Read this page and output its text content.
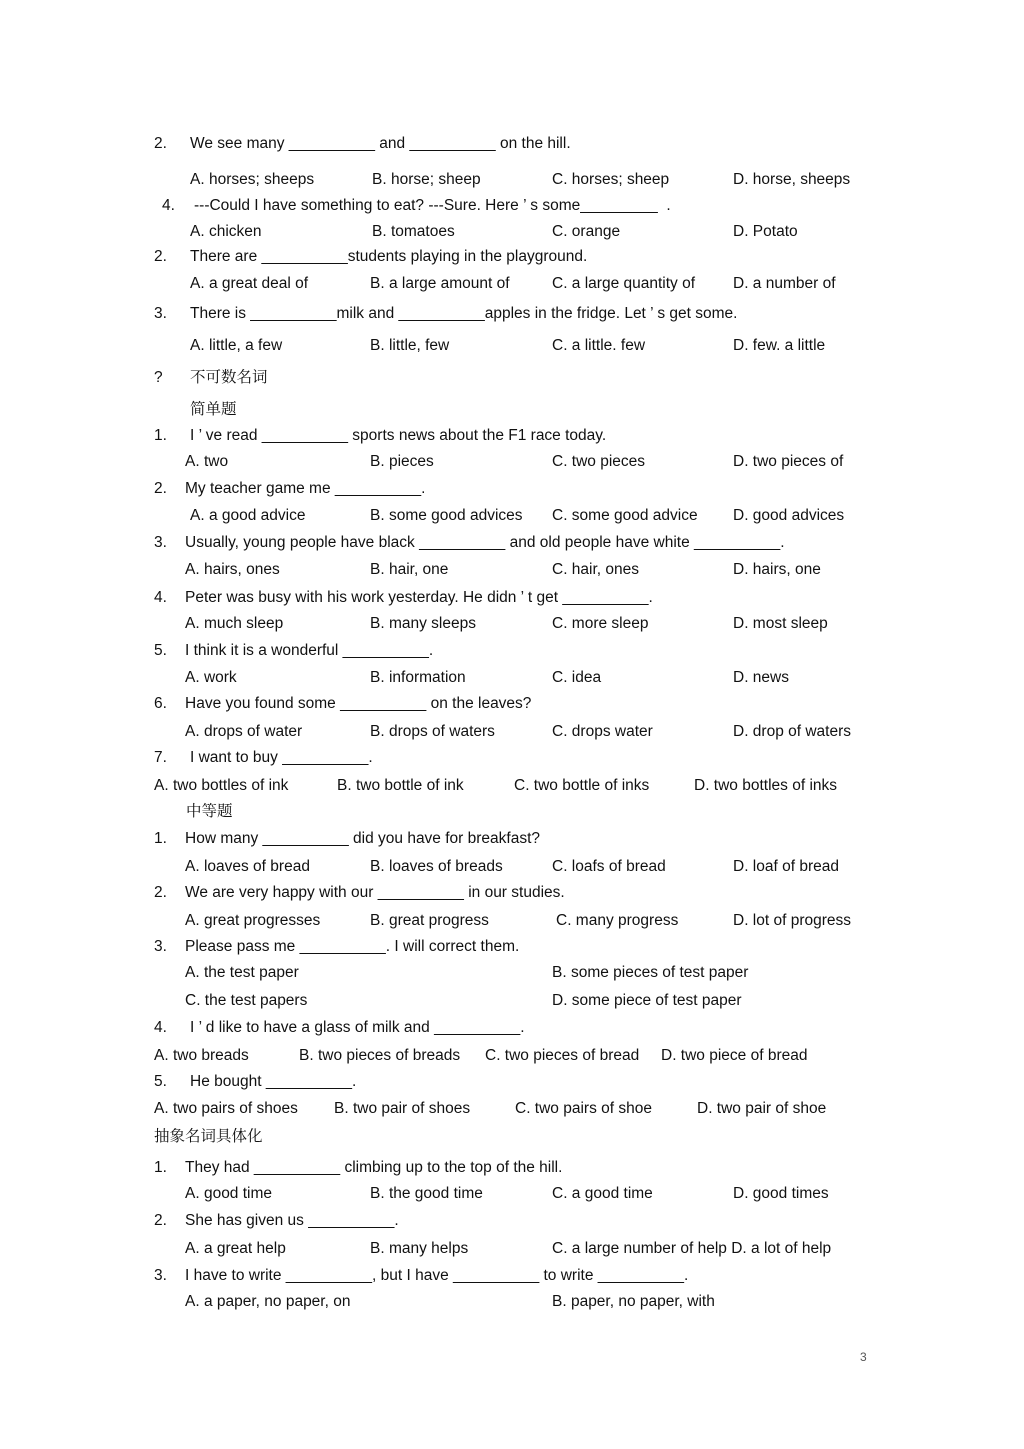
2. We see many __________ and __________ on the hill.
A. horses; sheeps	B. horse; sheep	C. horses; sheep	D. horse, sheeps
4. ---Could I have something to eat? ---Sure. Here ’ s some_________  .
A. chicken	B. tomatoes	C. orange	D. Potato
2. There are __________students playing in the playground.
A. a great deal of	B. a large amount of	C. a large quantity of D. a number of
3. There is __________milk and __________apples in the fridge. Let ’ s get some.
A. little, a few	B. little, few	C. a little. few	D. few. a little
? 不可数名词
简单题
1. I ’ ve read __________ sports news about the F1 race today.
A. two	B. pieces	C. two pieces	D. two pieces of
2. My teacher game me __________.
A. a good advice	B. some good advices C. some good advice D. good advices
3. Usually, young people have black __________ and old people have white __________.
A. hairs, ones	B. hair, one	C. hair, ones	D. hairs, one
4. Peter was busy with his work yesterday. He didn ’ t get __________.
A. much sleep	B. many sleeps	C. more sleep	D. most sleep
5. I think it is a wonderful __________.
A. work	B. information	C. idea	D. news
6. Have you found some __________ on the leaves?
A. drops of water	B. drops of waters	C. drops water	D. drop of waters
7. I want to buy __________.
A. two bottles of ink	B. two bottle of ink	C. two bottle of inks	D. two bottles of inks
中等题
1. How many __________ did you have for breakfast?
A. loaves of bread	B. loaves of breads	C. loafs of bread	D. loaf of bread
2. We are very happy with our __________ in our studies.
A. great progresses	B. great progress	C. many progress	D. lot of progress
3. Please pass me __________. I will correct them.
A. the test paper	B. some pieces of test paper
C. the test papers	D. some piece of test paper
4. I ’ d like to have a glass of milk and __________.
A. two breads	B. two pieces of breads C. two pieces of bread D. two piece of bread
5. He bought __________.
A. two pairs of shoes B. two pair of shoes	C. two pairs of shoe	D. two pair of shoe
抽象名词具体化
1. They had __________ climbing up to the top of the hill.
A. good time	B. the good time	C. a good time	D. good times
2. She has given us __________.
A. a great help	B. many helps	C. a large number of help D. a lot of help
3. I have to write __________, but I have __________ to write __________.
A. a paper, no paper, on	B. paper, no paper, with
3
